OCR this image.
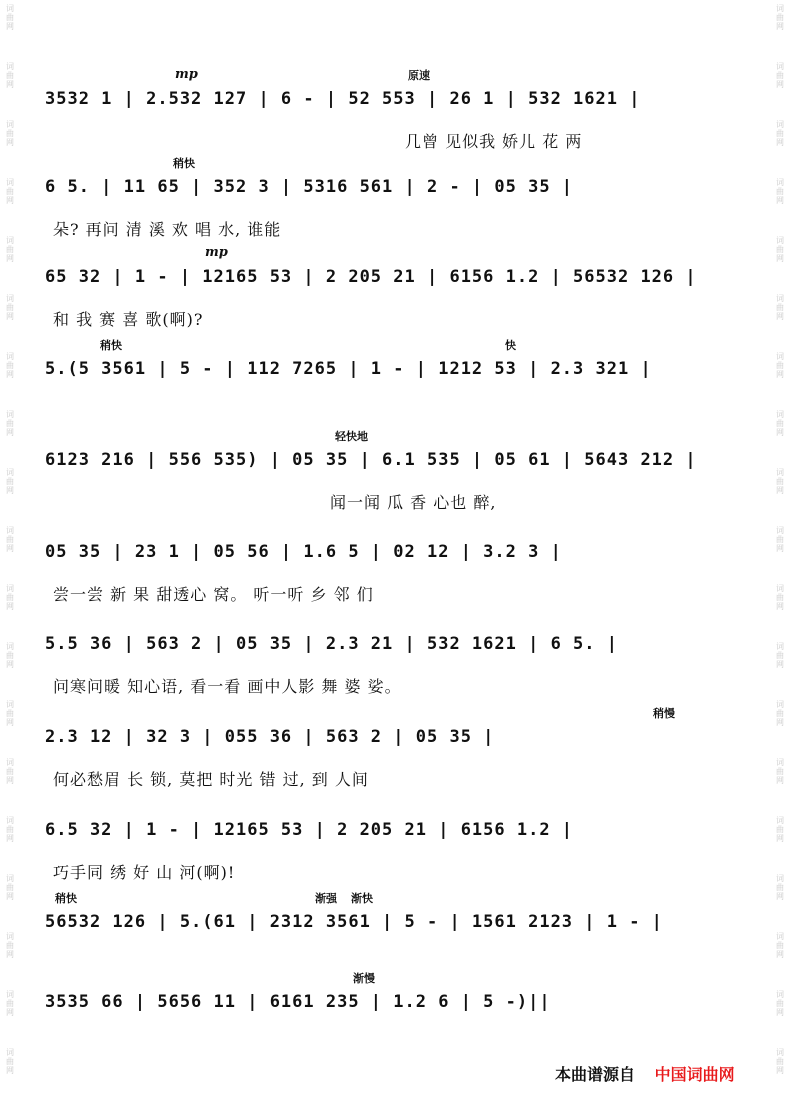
词
曲
网
词
曲
网
词
曲
网
词
曲
网
词
曲
网
词
曲
网
词
曲
网
词
曲
网
词
曲
网
词
曲
网
词
曲
网
词
曲
网
词
曲
网
词
曲
网
词
曲
网
词
曲
网
词
曲
网
词
曲
网
词
曲
网
词
曲
网
词
曲
网
词
曲
网
词
曲
网
词
曲
网
词
曲
网
词
曲
网
词
曲
网
词
曲
网
词
曲
网
词
曲
网
词
曲
网
词
曲
网
词
曲
网
词
曲
网
词
曲
网
词
曲
网
词
曲
网
词
曲
网
mp	原速
3532 1 | 2.532 127 | 6 - | 52 553 | 26 1 | 532 1621 |
几曾 见似我 娇儿 花 两
稍快
6 5. | 11 65 | 352 3 | 5316 561 | 2 - | 05 35 |
朵? 再问 清 溪 欢 唱 水, 谁能
mp
65 32 | 1 - | 12165 53 | 2 205 21 | 6156 1.2 | 56532 126 |
和 我 赛 喜 歌(啊)?
稍快	快
5.(5 3561 | 5 - | 112 7265 | 1 - | 1212 53 | 2.3 321 |
轻快地
6123 216 | 556 535) | 05 35 | 6.1 535 | 05 61 | 5643 212 |
闻一闻 瓜 香 心也 醉,
05 35 | 23 1 | 05 56 | 1.6 5 | 02 12 | 3.2 3 |
尝一尝 新 果 甜透心 窝。 听一听 乡 邻 们
5.5 36 | 563 2 | 05 35 | 2.3 21 | 532 1621 | 6 5. |
问寒问暖 知心语, 看一看 画中人影 舞 婆 娑。
稍慢
2.3 12 | 32 3 | 055 36 | 563 2 | 05 35 |
何必愁眉 长 锁, 莫把 时光 错 过, 到 人间
6.5 32 | 1 - | 12165 53 | 2 205 21 | 6156 1.2 |
巧手同 绣 好 山 河(啊)!
稍快	渐强 渐快
56532 126 | 5.(61 | 2312 3561 | 5 - | 1561 2123 | 1 - |
渐慢
3535 66 | 5656 11 | 6161 235 | 1.2 6 | 5 -)||
本曲谱源自 中国词曲网
